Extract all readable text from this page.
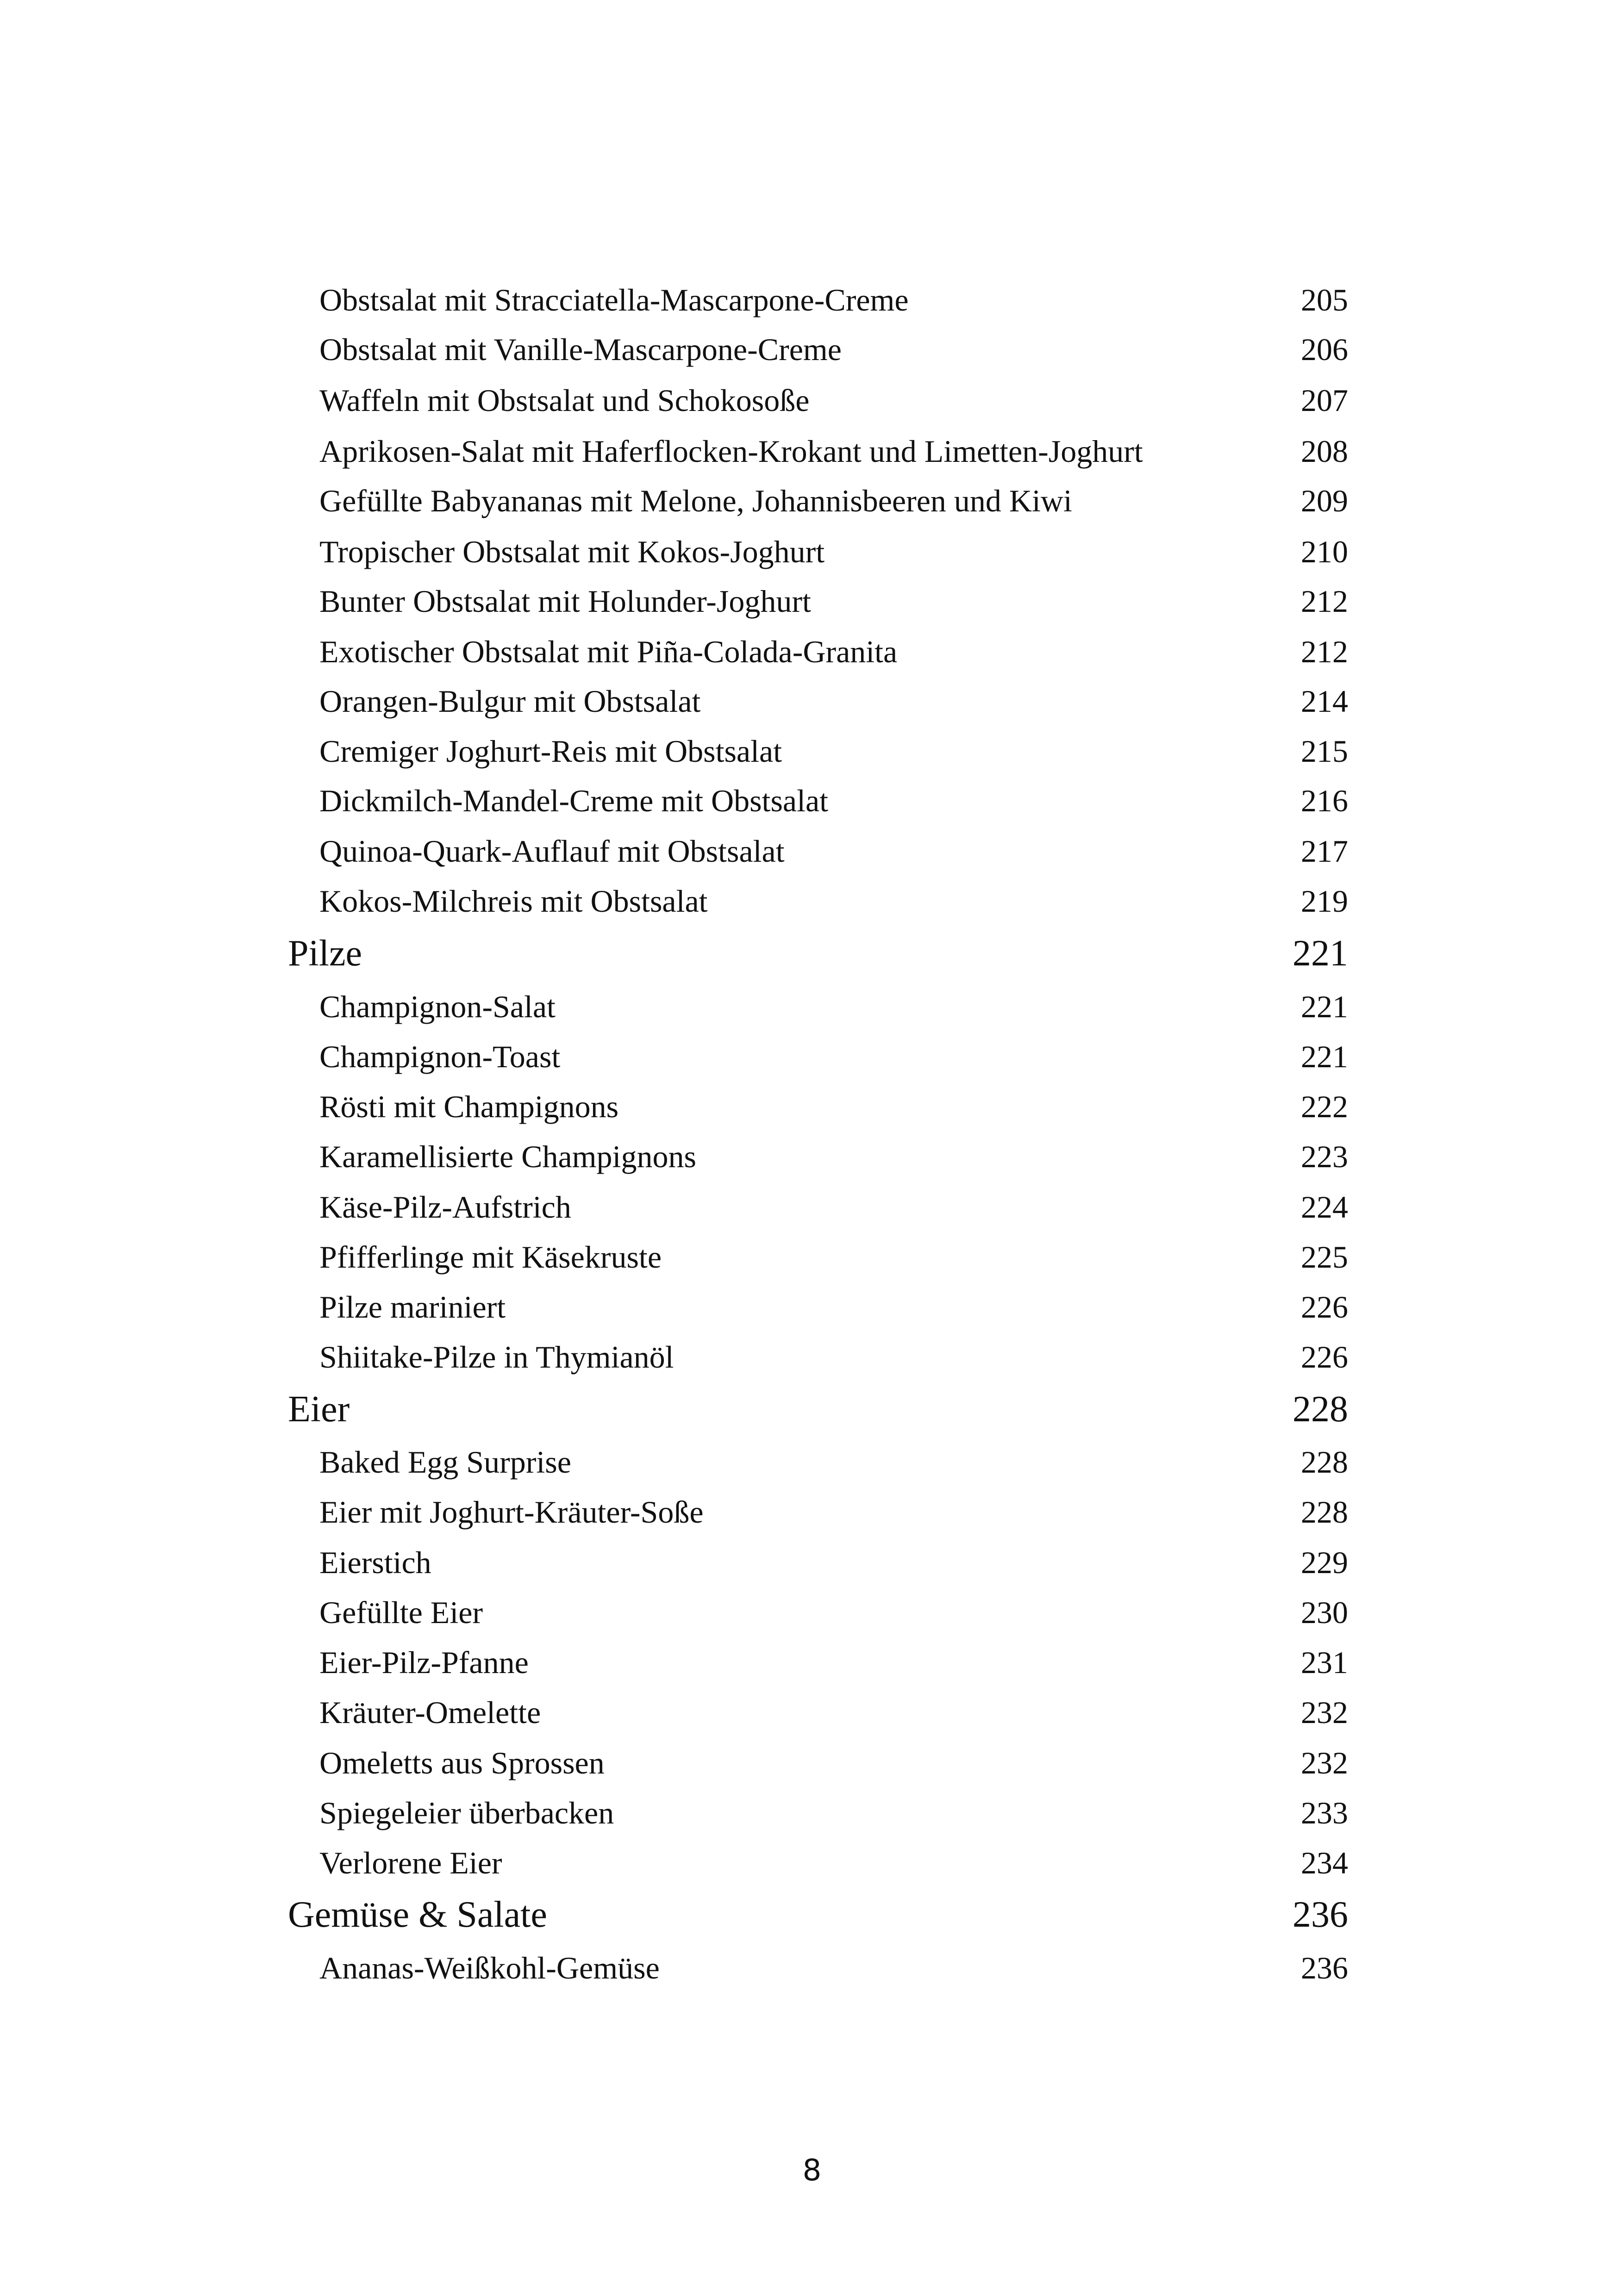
Obstsalat mit Stracciatella-Mascarpone-Creme	205
Obstsalat mit Vanille-Mascarpone-Creme	206
Waffeln mit Obstsalat und Schokosoße	207
Aprikosen-Salat mit Haferflocken-Krokant und Limetten-Joghurt	208
Gefüllte Babyananas mit Melone, Johannisbeeren und Kiwi	209
Tropischer Obstsalat mit Kokos-Joghurt	210
Bunter Obstsalat mit Holunder-Joghurt	212
Exotischer Obstsalat mit Piña-Colada-Granita	212
Orangen-Bulgur mit Obstsalat	214
Cremiger Joghurt-Reis mit Obstsalat	215
Dickmilch-Mandel-Creme mit Obstsalat	216
Quinoa-Quark-Auflauf mit Obstsalat	217
Kokos-Milchreis mit Obstsalat	219
Pilze	221
Champignon-Salat	221
Champignon-Toast	221
Rösti mit Champignons	222
Karamellisierte Champignons	223
Käse-Pilz-Aufstrich	224
Pfifferlinge mit Käsekruste	225
Pilze mariniert	226
Shiitake-Pilze in Thymianöl	226
Eier	228
Baked Egg Surprise	228
Eier mit Joghurt-Kräuter-Soße	228
Eierstich	229
Gefüllte Eier	230
Eier-Pilz-Pfanne	231
Kräuter-Omelette	232
Omeletts aus Sprossen	232
Spiegeleier überbacken	233
Verlorene Eier	234
Gemüse & Salate	236
Ananas-Weißkohl-Gemüse	236
8
